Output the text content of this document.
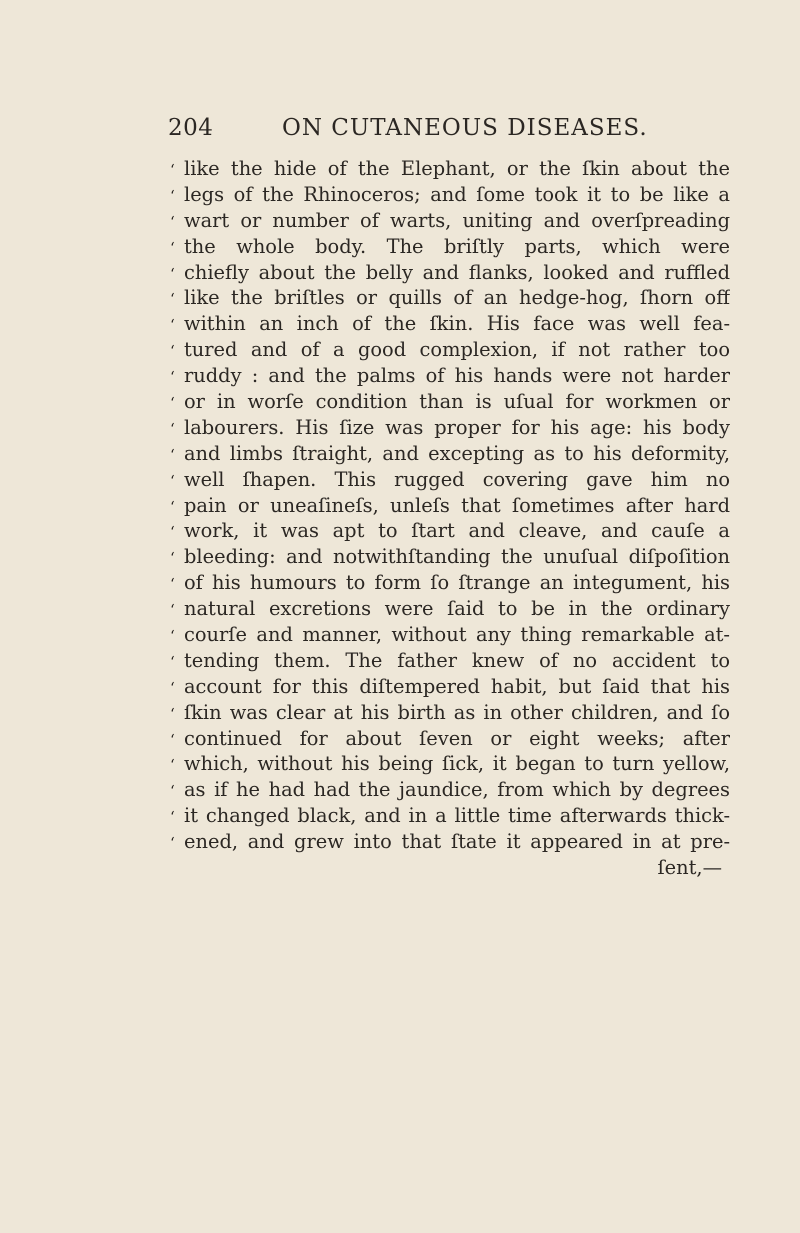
204	ON CUTANEOUS DISEASES.
‘ like the hide of the Elephant, or the ſkin about the
‘ legs of the Rhinoceros; and ſome took it to be like a
‘ wart or number of warts, uniting and overſpreading
‘ the whole body. The briſtly parts, which were
‘ chiefly about the belly and flanks, looked and ruffled
‘ like the briſtles or quills of an hedge-hog, ſhorn off
‘ within an inch of the ſkin. His face was well fea-
‘ tured and of a good complexion, if not rather too
‘ ruddy : and the palms of his hands were not harder
‘ or in worſe condition than is uſual for workmen or
‘ labourers. His ſize was proper for his age: his body
‘ and limbs ſtraight, and excepting as to his deformity,
‘ well ſhapen. This rugged covering gave him no
‘ pain or uneaſineſs, unleſs that ſometimes after hard
‘ work, it was apt to ſtart and cleave, and cauſe a
‘ bleeding: and notwithſtanding the unuſual diſpoſition
‘ of his humours to form ſo ſtrange an integument, his
‘ natural excretions were ſaid to be in the ordinary
‘ courſe and manner, without any thing remarkable at-
‘ tending them. The father knew of no accident to
‘ account for this diſtempered habit, but ſaid that his
‘ ſkin was clear at his birth as in other children, and ſo
‘ continued for about ſeven or eight weeks; after
‘ which, without his being ſick, it began to turn yellow,
‘ as if he had had the jaundice, from which by degrees
‘ it changed black, and in a little time afterwards thick-
‘ ened, and grew into that ſtate it appeared in at pre-
ſent,—
